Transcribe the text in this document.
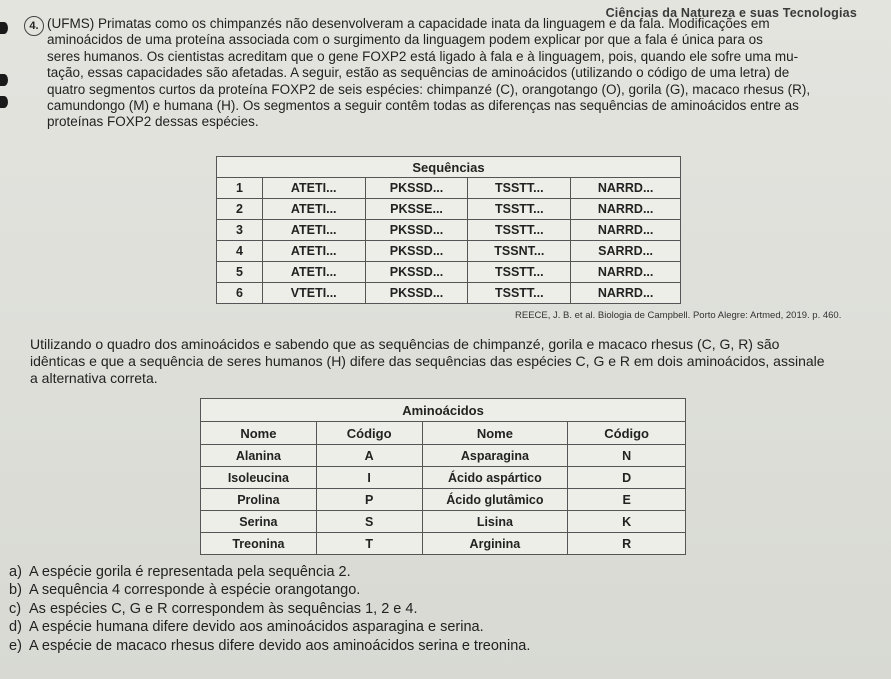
Ciências da Natureza e suas Tecnologias
4. (UFMS) Primatas como os chimpanzés não desenvolveram a capacidade inata da linguagem e da fala. Modificações em

aminoácidos de uma proteína associada com o surgimento da linguagem podem explicar por que a fala é única para os

seres humanos. Os cientistas acreditam que o gene FOXP2 está ligado à fala e à linguagem, pois, quando ele sofre uma mu-

tação, essas capacidades são afetadas. A seguir, estão as sequências de aminoácidos (utilizando o código de uma letra) de

quatro segmentos curtos da proteína FOXP2 de seis espécies: chimpanzé (C), orangotango (O), gorila (G), macaco rhesus (R),

camundongo (M) e humana (H). Os segmentos a seguir contêm todas as diferenças nas sequências de aminoácidos entre as

proteínas FOXP2 dessas espécies.

Sequências				
1	ATETI...	PKSSD...	TSSTT...	NARRD...
2	ATETI...	PKSSE...	TSSTT...	NARRD...
3	ATETI...	PKSSD...	TSSTT...	NARRD...
4	ATETI...	PKSSD...	TSSNT...	SARRD...
5	ATETI...	PKSSD...	TSSTT...	NARRD...
6	VTETI...	PKSSD...	TSSTT...	NARRD...
REECE, J. B. et al. Biologia de Campbell. Porto Alegre: Artmed, 2019. p. 460.

Utilizando o quadro dos aminoácidos e sabendo que as sequências de chimpanzé, gorila e macaco rhesus (C, G, R) são

idênticas e que a sequência de seres humanos (H) difere das sequências das espécies C, G e R em dois aminoácidos, assinale

a alternativa correta.

Aminoácidos			
Nome	Código	Nome	Código
Alanina	A	Asparagina	N
Isoleucina	I	Ácido aspártico	D
Prolina	P	Ácido glutâmico	E
Serina	S	Lisina	K
Treonina	T	Arginina	R

a) A espécie gorila é representada pela sequência 2.

b) A sequência 4 corresponde à espécie orangotango.

c) As espécies C, G e R correspondem às sequências 1, 2 e 4.

d) A espécie humana difere devido aos aminoácidos asparagina e serina.

e) A espécie de macaco rhesus difere devido aos aminoácidos serina e treonina.
